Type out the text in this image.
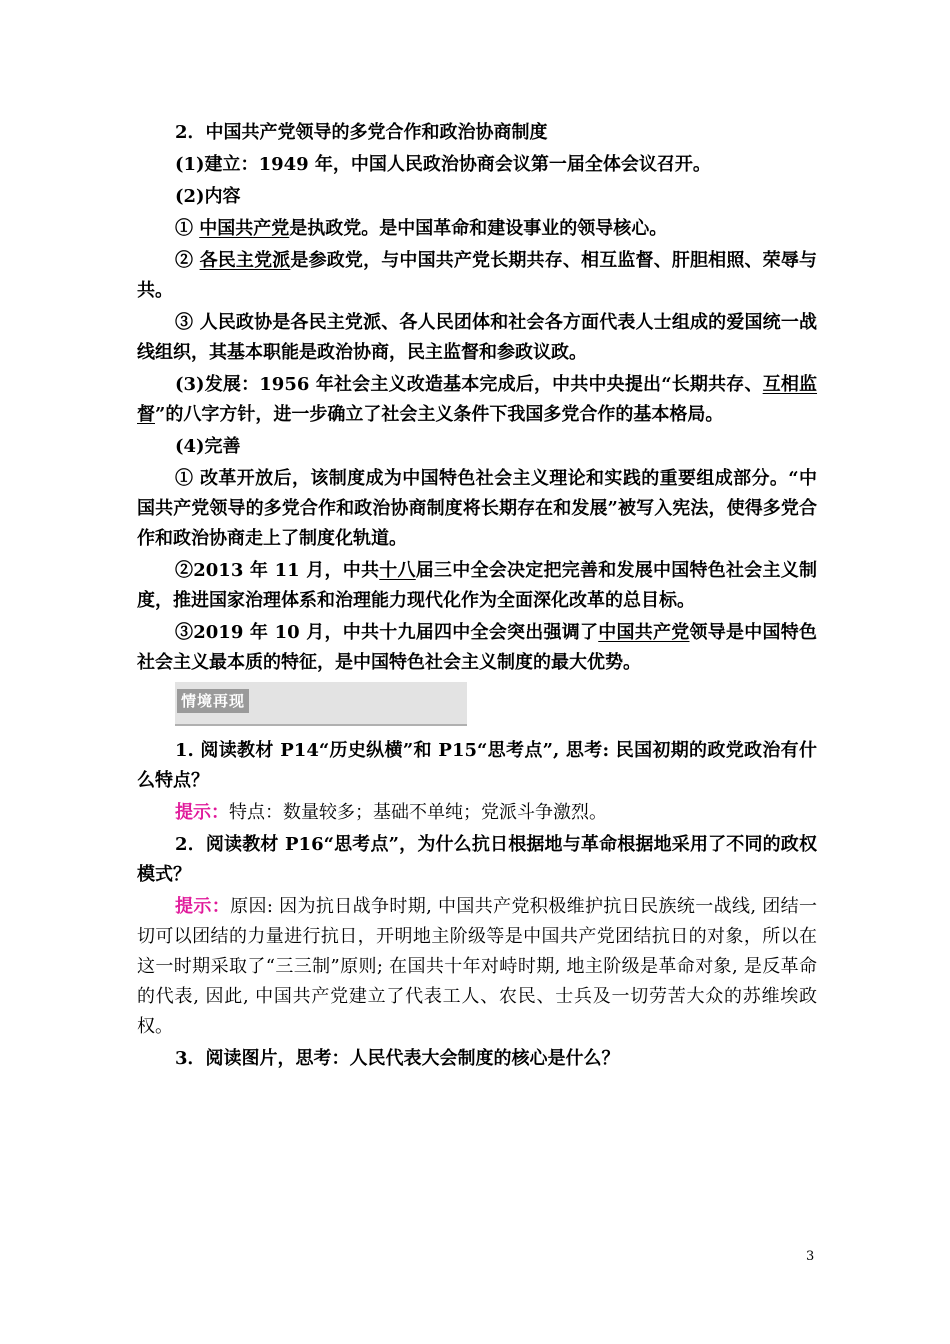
2．中国共产党领导的多党合作和政治协商制度

(1)建立：1949 年，中国人民政治协商会议第一届全体会议召开。

(2)内容

① 中国共产党是执政党。是中国革命和建设事业的领导核心。

② 各民主党派是参政党，与中国共产党长期共存、相互监督、肝胆相照、荣辱与共。

③ 人民政协是各民主党派、各人民团体和社会各方面代表人士组成的爱国统一战线组织，其基本职能是政治协商，民主监督和参政议政。

(3)发展：1956 年社会主义改造基本完成后，中共中央提出“长期共存、互相监督”的八字方针，进一步确立了社会主义条件下我国多党合作的基本格局。

(4)完善

① 改革开放后，该制度成为中国特色社会主义理论和实践的重要组成部分。“中国共产党领导的多党合作和政治协商制度将长期存在和发展”被写入宪法，使得多党合作和政治协商走上了制度化轨道。

②2013 年 11 月，中共十八届三中全会决定把完善和发展中国特色社会主义制度，推进国家治理体系和治理能力现代化作为全面深化改革的总目标。

③2019 年 10 月，中共十九届四中全会突出强调了中国共产党领导是中国特色社会主义最本质的特征，是中国特色社会主义制度的最大优势。

情境再现

1. 阅读教材 P14“历史纵横”和 P15“思考点”, 思考: 民国初期的政党政治有什么特点？

提示：特点：数量较多；基础不单纯；党派斗争激烈。

2．阅读教材 P16“思考点”，为什么抗日根据地与革命根据地采用了不同的政权模式？

提示：原因: 因为抗日战争时期, 中国共产党积极维护抗日民族统一战线, 团结一切可以团结的力量进行抗日，开明地主阶级等是中国共产党团结抗日的对象，所以在这一时期采取了“三三制”原则; 在国共十年对峙时期, 地主阶级是革命对象, 是反革命的代表, 因此, 中国共产党建立了代表工人、农民、士兵及一切劳苦大众的苏维埃政权。

3．阅读图片，思考：人民代表大会制度的核心是什么？

3
